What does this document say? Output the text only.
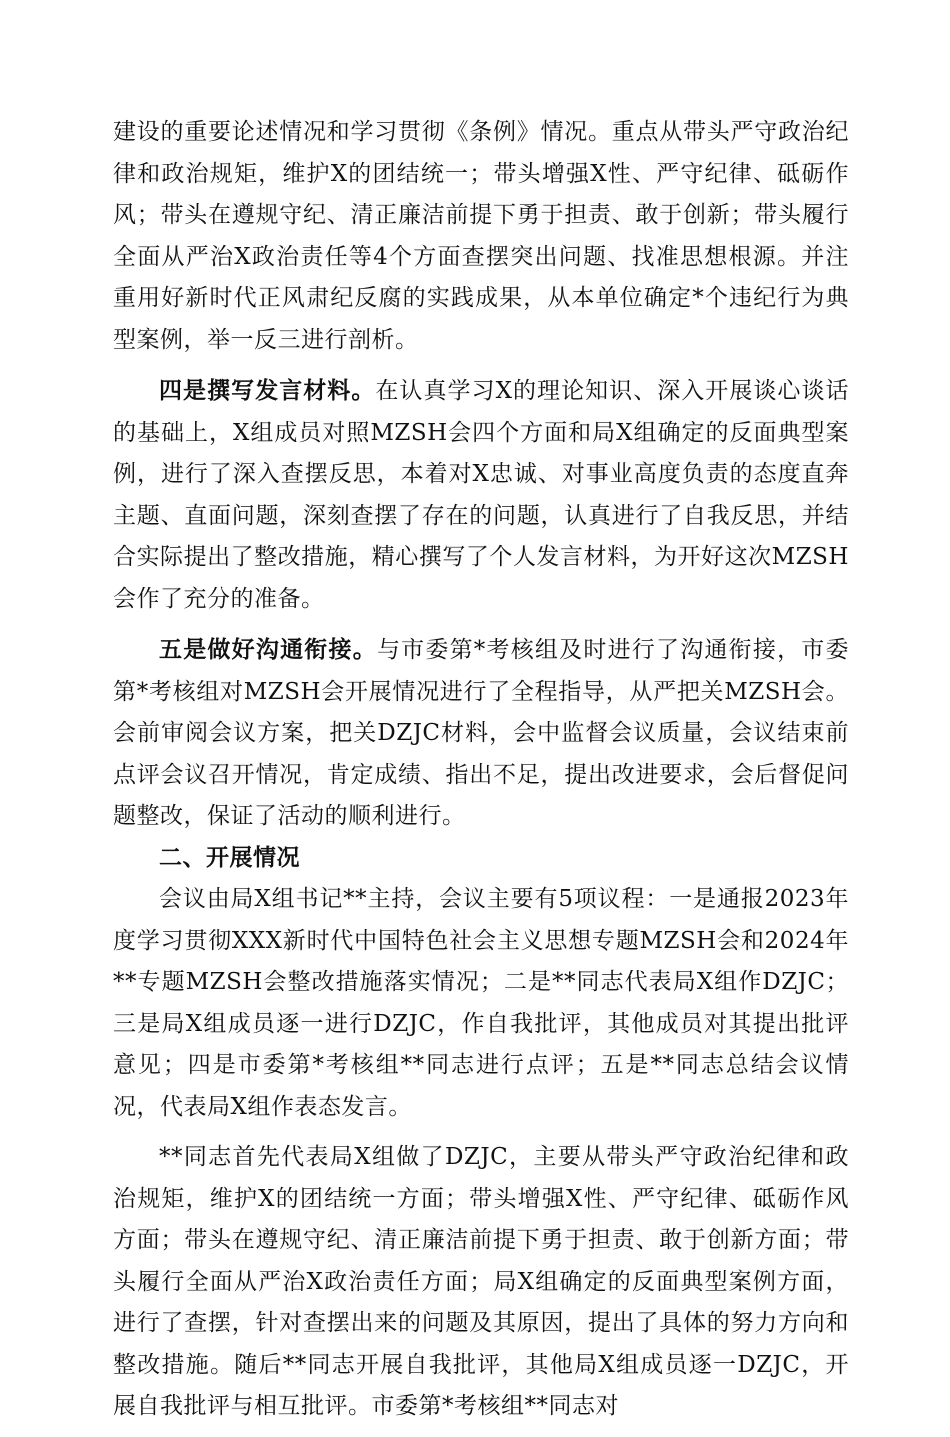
建设的重要论述情况和学习贯彻《条例》情况。重点从带头严守政治纪律和政治规矩，维护X的团结统一；带头增强X性、严守纪律、砥砺作风；带头在遵规守纪、清正廉洁前提下勇于担责、敢于创新；带头履行全面从严治X政治责任等4个方面查摆突出问题、找准思想根源。并注重用好新时代正风肃纪反腐的实践成果，从本单位确定*个违纪行为典型案例，举一反三进行剖析。

四是撰写发言材料。在认真学习X的理论知识、深入开展谈心谈话的基础上，X组成员对照MZSH会四个方面和局X组确定的反面典型案例，进行了深入查摆反思，本着对X忠诚、对事业高度负责的态度直奔主题、直面问题，深刻查摆了存在的问题，认真进行了自我反思，并结合实际提出了整改措施，精心撰写了个人发言材料，为开好这次MZSH会作了充分的准备。

五是做好沟通衔接。与市委第*考核组及时进行了沟通衔接，市委第*考核组对MZSH会开展情况进行了全程指导，从严把关MZSH会。会前审阅会议方案，把关DZJC材料，会中监督会议质量，会议结束前点评会议召开情况，肯定成绩、指出不足，提出改进要求，会后督促问题整改，保证了活动的顺利进行。

二、开展情况

会议由局X组书记**主持，会议主要有5项议程：一是通报2023年度学习贯彻XXX新时代中国特色社会主义思想专题MZSH会和2024年**专题MZSH会整改措施落实情况；二是**同志代表局X组作DZJC；三是局X组成员逐一进行DZJC，作自我批评，其他成员对其提出批评意见；四是市委第*考核组**同志进行点评；五是**同志总结会议情况，代表局X组作表态发言。

**同志首先代表局X组做了DZJC，主要从带头严守政治纪律和政治规矩，维护X的团结统一方面；带头增强X性、严守纪律、砥砺作风方面；带头在遵规守纪、清正廉洁前提下勇于担责、敢于创新方面；带头履行全面从严治X政治责任方面；局X组确定的反面典型案例方面，进行了查摆，针对查摆出来的问题及其原因，提出了具体的努力方向和整改措施。随后**同志开展自我批评，其他局X组成员逐一DZJC，开展自我批评与相互批评。市委第*考核组**同志对
